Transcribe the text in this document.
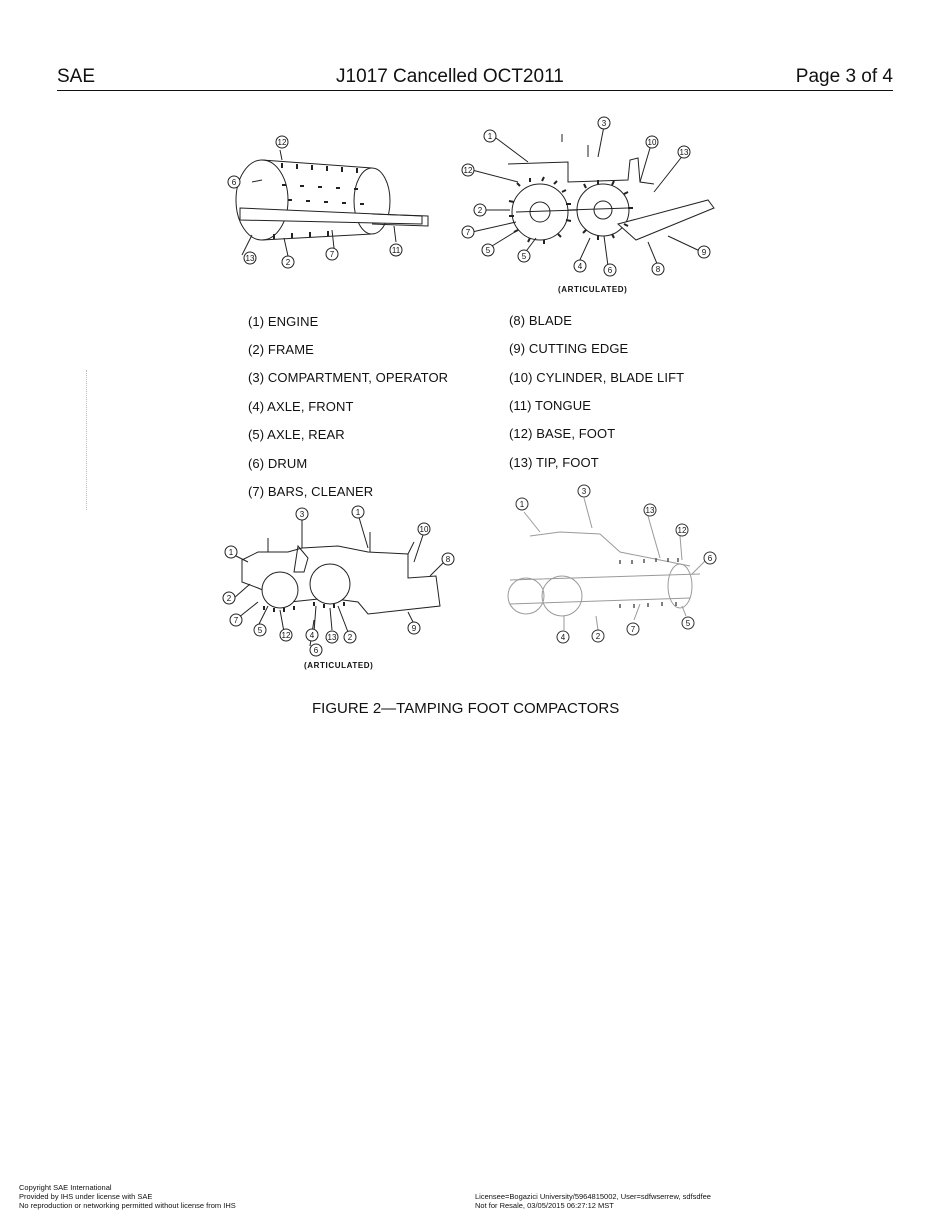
SAE	J1017 Cancelled OCT2011	Page 3 of 4
12
6
13	2
7	11
1
3
12
10
13
2
7
5
5
4	6	8
9
(ARTICULATED)
(1) ENGINE
(2) FRAME
(3) COMPARTMENT, OPERATOR
(4) AXLE, FRONT
(5) AXLE, REAR
(6) DRUM
(7) BARS, CLEANER
(8) BLADE
(9) CUTTING EDGE
(10) CYLINDER, BLADE LIFT
(11) TONGUE
(12) BASE, FOOT
(13) TIP, FOOT
3	1
10
1
8
2
7
5
12 4 13 2
9
6
(ARTICULATED)
1
3
13
12
6
4	2
7
5
FIGURE 2—TAMPING FOOT COMPACTORS
Copyright SAE International
Provided by IHS under license with SAE
No reproduction or networking permitted without license from IHS
Licensee=Bogazici University/5964815002, User=sdfwserrew, sdfsdfee
Not for Resale, 03/05/2015 06:27:12 MST
